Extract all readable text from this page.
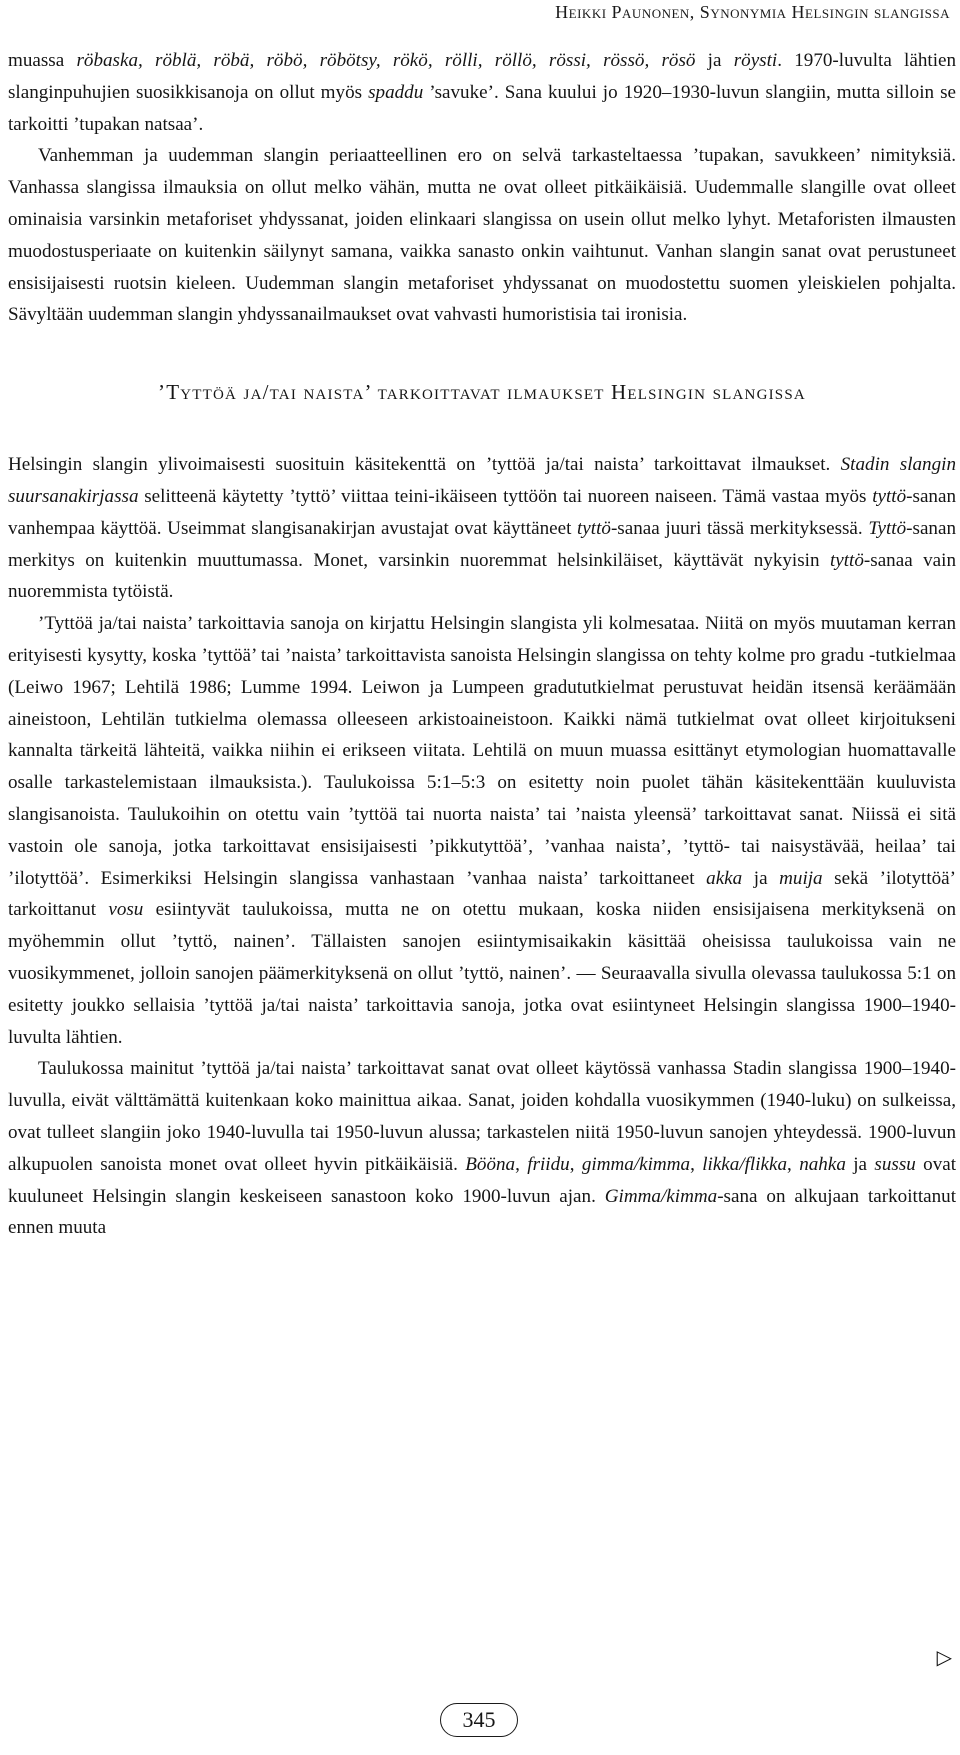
Heikki Paunonen, Synonymia Helsingin slangissa

muassa röbaska, röblä, röbä, röbö, röbötsy, rökö, rölli, röllö, rössi, rössö, rösö ja röysti. 1970-luvulta lähtien slanginpuhujien suosikkisanoja on ollut myös spaddu ’savuke’. Sana kuului jo 1920–1930-luvun slangiin, mutta silloin se tarkoitti ’tupakan natsaa’.

Vanhemman ja uudemman slangin periaatteellinen ero on selvä tarkasteltaessa ’tupakan, savukkeen’ nimityksiä. Vanhassa slangissa ilmauksia on ollut melko vähän, mutta ne ovat olleet pitkäikäisiä. Uudemmalle slangille ovat olleet ominaisia varsinkin metaforiset yhdyssanat, joiden elinkaari slangissa on usein ollut melko lyhyt. Metaforisten ilmausten muodostusperiaate on kuitenkin säilynyt samana, vaikka sanasto onkin vaihtunut. Vanhan slangin sanat ovat perustuneet ensisijaisesti ruotsin kieleen. Uudemman slangin metaforiset yhdyssanat on muodostettu suomen yleiskielen pohjalta. Sävyltään uudemman slangin yhdyssanailmaukset ovat vahvasti humoristisia tai ironisia.

’Tyttöä ja/tai naista’ tarkoittavat ilmaukset Helsingin slangissa

Helsingin slangin ylivoimaisesti suosituin käsitekenttä on ’tyttöä ja/tai naista’ tarkoittavat ilmaukset. Stadin slangin suursanakirjassa selitteenä käytetty ’tyttö’ viittaa teini-ikäiseen tyttöön tai nuoreen naiseen. Tämä vastaa myös tyttö-sanan vanhempaa käyttöä. Useimmat slangisanakirjan avustajat ovat käyttäneet tyttö-sanaa juuri tässä merkityksessä. Tyttö-sanan merkitys on kuitenkin muuttumassa. Monet, varsinkin nuoremmat helsinkiläiset, käyttävät nykyisin tyttö-sanaa vain nuoremmista tytöistä.

’Tyttöä ja/tai naista’ tarkoittavia sanoja on kirjattu Helsingin slangista yli kolmesataa. Niitä on myös muutaman kerran erityisesti kysytty, koska ’tyttöä’ tai ’naista’ tarkoittavista sanoista Helsingin slangissa on tehty kolme pro gradu -tutkielmaa (Leiwo 1967; Lehtilä 1986; Lumme 1994. Leiwon ja Lumpeen gradututkielmat perustuvat heidän itsensä keräämään aineistoon, Lehtilän tutkielma olemassa olleeseen arkistoaineistoon. Kaikki nämä tutkielmat ovat olleet kirjoitukseni kannalta tärkeitä lähteitä, vaikka niihin ei erikseen viitata. Lehtilä on muun muassa esittänyt etymologian huomattavalle osalle tarkastelemistaan ilmauksista.). Taulukoissa 5:1–5:3 on esitetty noin puolet tähän käsitekenttään kuuluvista slangisanoista. Taulukoihin on otettu vain ’tyttöä tai nuorta naista’ tai ’naista yleensä’ tarkoittavat sanat. Niissä ei sitä vastoin ole sanoja, jotka tarkoittavat ensisijaisesti ’pikkutyttöä’, ’vanhaa naista’, ’tyttö- tai naisystävää, heilaa’ tai ’ilotyttöä’. Esimerkiksi Helsingin slangissa vanhastaan ’vanhaa naista’ tarkoittaneet akka ja muija sekä ’ilotyttöä’ tarkoittanut vosu esiintyvät taulukoissa, mutta ne on otettu mukaan, koska niiden ensisijaisena merkityksenä on myöhemmin ollut ’tyttö, nainen’. Tällaisten sanojen esiintymisaikakin käsittää oheisissa taulukoissa vain ne vuosikymmenet, jolloin sanojen päämerkityksenä on ollut ’tyttö, nainen’. — Seuraavalla sivulla olevassa taulukossa 5:1 on esitetty joukko sellaisia ’tyttöä ja/tai naista’ tarkoittavia sanoja, jotka ovat esiintyneet Helsingin slangissa 1900–1940-luvulta lähtien.

Taulukossa mainitut ’tyttöä ja/tai naista’ tarkoittavat sanat ovat olleet käytössä vanhassa Stadin slangissa 1900–1940-luvulla, eivät välttämättä kuitenkaan koko mainittua aikaa. Sanat, joiden kohdalla vuosikymmen (1940-luku) on sulkeissa, ovat tulleet slangiin joko 1940-luvulla tai 1950-luvun alussa; tarkastelen niitä 1950-luvun sanojen yhteydessä. 1900-luvun alkupuolen sanoista monet ovat olleet hyvin pitkäikäisiä. Bööna, friidu, gimma/kimma, likka/flikka, nahka ja sussu ovat kuuluneet Helsingin slangin keskeiseen sanastoon koko 1900-luvun ajan. Gimma/kimma-sana on alkujaan tarkoittanut ennen muuta

▷
345
